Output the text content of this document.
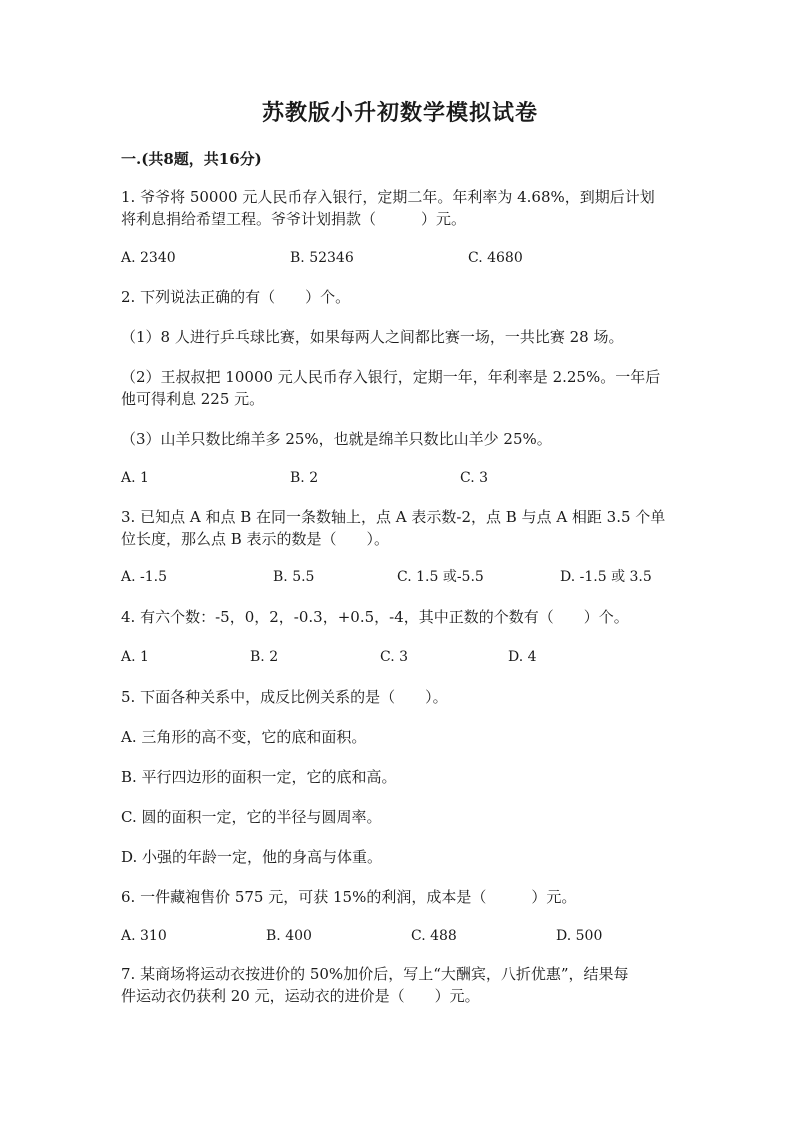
苏教版小升初数学模拟试卷
一.(共8题，共16分)
1. 爷爷将 50000 元人民币存入银行，定期二年。年利率为 4.68%，到期后计划
将利息捐给希望工程。爷爷计划捐款（　　　）元。
A. 2340	B. 52346	C. 4680
2. 下列说法正确的有（　　）个。
（1）8 人进行乒乓球比赛，如果每两人之间都比赛一场，一共比赛 28 场。
（2）王叔叔把 10000 元人民币存入银行，定期一年，年利率是 2.25%。一年后
他可得利息 225 元。
（3）山羊只数比绵羊多 25%，也就是绵羊只数比山羊少 25%。
A. 1	B. 2	C. 3
3. 已知点 A 和点 B 在同一条数轴上，点 A 表示数-2，点 B 与点 A 相距 3.5 个单
位长度，那么点 B 表示的数是（　　）。
A. -1.5	B. 5.5	C. 1.5 或-5.5	D. -1.5 或 3.5
4. 有六个数：-5，0，2，-0.3，+0.5，-4，其中正数的个数有（　　）个。
A. 1	B. 2	C. 3	D. 4
5. 下面各种关系中，成反比例关系的是（　　）。
A. 三角形的高不变，它的底和面积。
B. 平行四边形的面积一定，它的底和高。
C. 圆的面积一定，它的半径与圆周率。
D. 小强的年龄一定，他的身高与体重。
6. 一件藏袍售价 575 元，可获 15%的利润，成本是（　　　）元。
A. 310	B. 400	C. 488	D. 500
7. 某商场将运动衣按进价的 50%加价后，写上“大酬宾，八折优惠”，结果每
件运动衣仍获利 20 元，运动衣的进价是（　　）元。
